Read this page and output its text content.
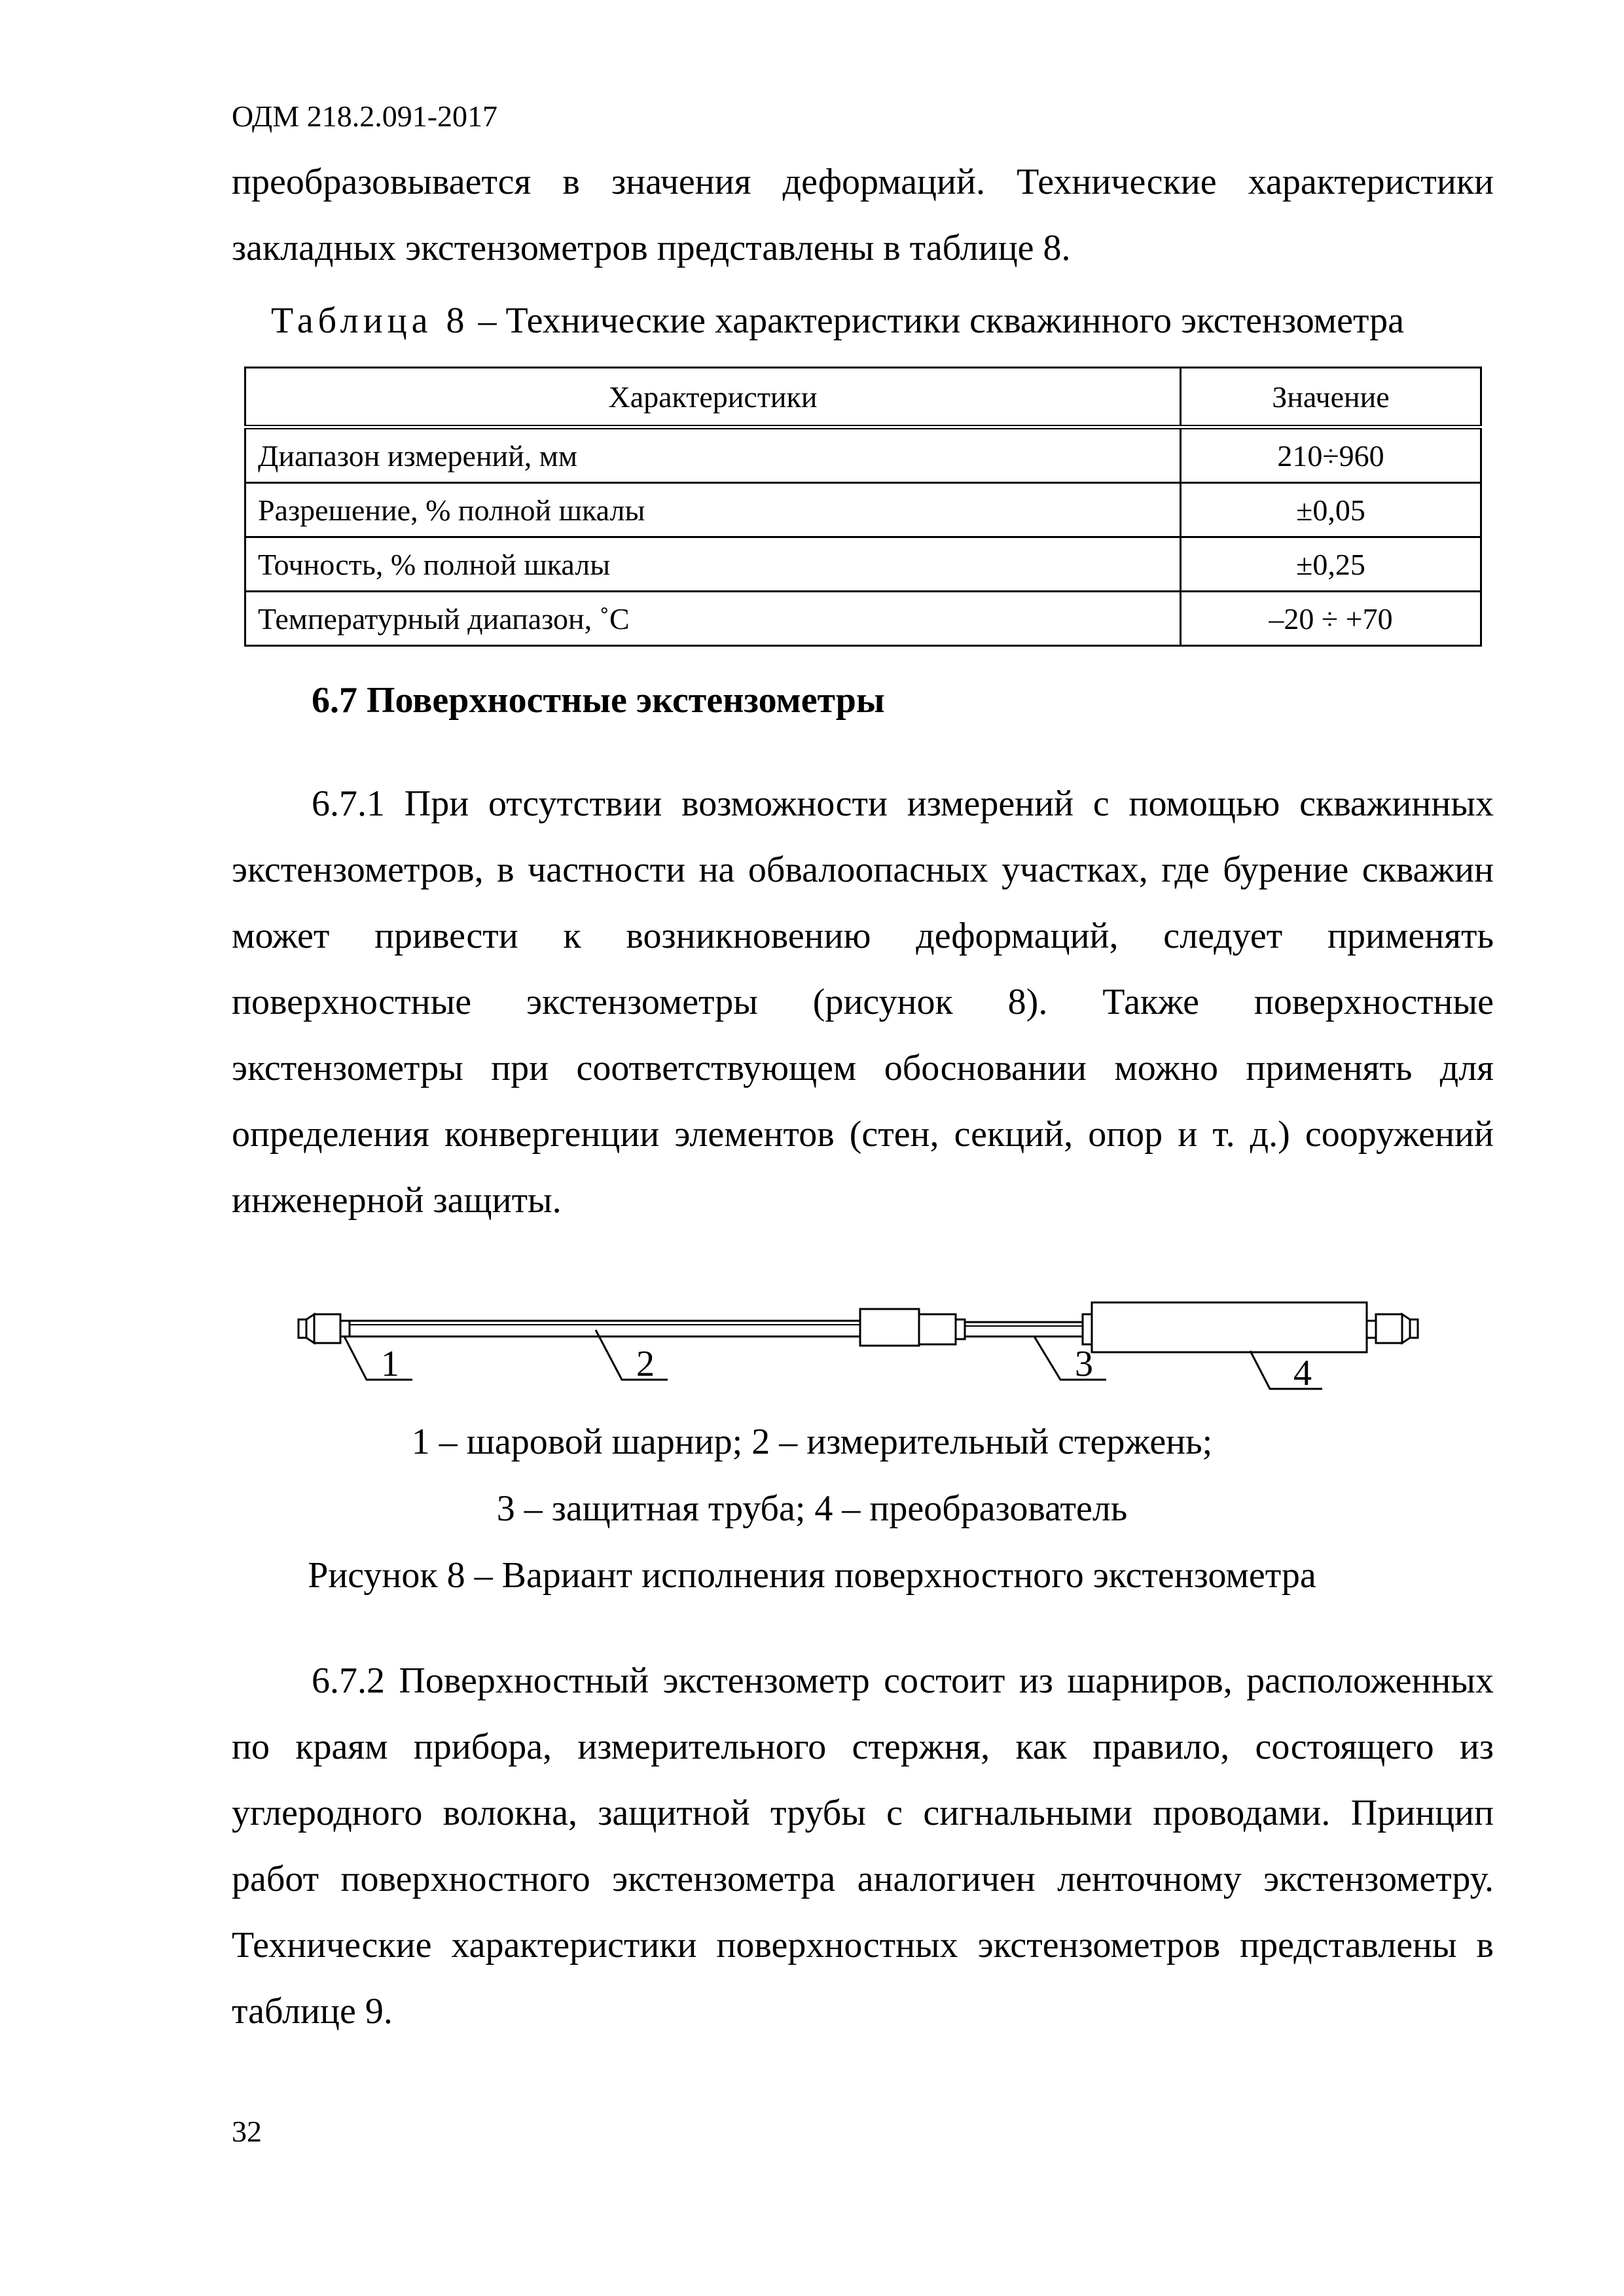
ОДМ 218.2.091-2017

преобразовывается в значения деформаций. Технические характеристики закладных экстензометров представлены в таблице 8.

Таблица 8 – Технические характеристики скважинного экстензометра
Характеристики	Значение
Диапазон измерений, мм	210÷960
Разрешение, % полной шкалы	±0,05
Точность, % полной шкалы	±0,25
Температурный диапазон, ˚С	–20 ÷ +70
6.7 Поверхностные экстензометры

6.7.1 При отсутствии возможности измерений с помощью скважинных экстензометров, в частности на обвалоопасных участках, где бурение скважин может привести к возникновению деформаций, следует применять поверхностные экстензометры (рисунок 8). Также поверхностные экстензометры при соответствующем обосновании можно применять для определения конвергенции элементов (стен, секций, опор и т. д.) сооружений инженерной защиты.

1	2	3	4
1 – шаровой шарнир; 2 – измерительный стержень;
3 – защитная труба; 4 – преобразователь
Рисунок 8 – Вариант исполнения поверхностного экстензометра

6.7.2 Поверхностный экстензометр состоит из шарниров, расположенных по краям прибора, измерительного стержня, как правило, состоящего из углеродного волокна, защитной трубы с сигнальными проводами. Принцип работ поверхностного экстензометра аналогичен ленточному экстензометру. Технические характеристики поверхностных экстензометров представлены в таблице 9.

32
